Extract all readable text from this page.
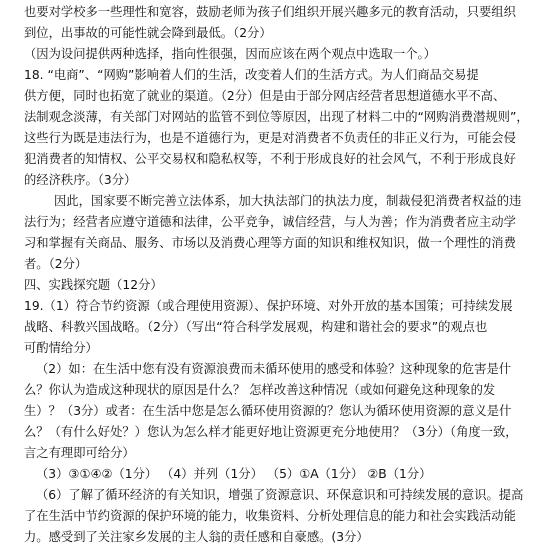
也要对学校多一些理性和宽容，鼓励老师为孩子们组织开展兴趣多元的教育活动，只要组织
到位，出事故的可能性就会降到最低。（2分）
（因为设问提供两种选择，指向性很强，因而应该在两个观点中选取一个。）
18. “电商”、“网购”影响着人们的生活，改变着人们的生活方式。为人们商品交易提
供方便，同时也拓宽了就业的渠道。（2分）但是由于部分网店经营者思想道德水平不高、
法制观念淡薄，有关部门对网站的监管不到位等原因，出现了材料二中的“网购消费潜规则”，
这些行为既是违法行为，也是不道德行为，更是对消费者不负责任的非正义行为，可能会侵
犯消费者的知情权、公平交易权和隐私权等，不利于形成良好的社会风气，不利于形成良好
的经济秩序。（3分）
因此，国家要不断完善立法体系，加大执法部门的执法力度，制裁侵犯消费者权益的违
法行为；经营者应遵守道德和法律，公平竞争，诚信经营，与人为善；作为消费者应主动学
习和掌握有关商品、服务、市场以及消费心理等方面的知识和维权知识，做一个理性的消费
者。（2分）
四、实践探究题（12分）
19.（1）符合节约资源（或合理使用资源）、保护环境、对外开放的基本国策；可持续发展
战略、科教兴国战略。（2分）（写出“符合科学发展观，构建和谐社会的要求”的观点也
可酌情给分）
（2）如：在生活中您有没有资源浪费而未循环使用的感受和体验？这种现象的危害是什
么？你认为造成这种现状的原因是什么？ 怎样改善这种情况（或如何避免这种现象的发
生）？（3分）或者：在生活中您是怎么循环使用资源的？您认为循环使用资源的意义是什
么？（有什么好处？）您认为怎么样才能更好地让资源更充分地使用？（3分）（角度一致，
言之有理即可给分）
（3）③①④②（1分） （4）并列（1分） （5）①A（1分） ②B（1分）
（6）了解了循环经济的有关知识，增强了资源意识、环保意识和可持续发展的意识。提高
了在生活中节约资源的保护环境的能力，收集资料、分析处理信息的能力和社会实践活动能
力。感受到了关注家乡发展的主人翁的责任感和自豪感。(3分）
